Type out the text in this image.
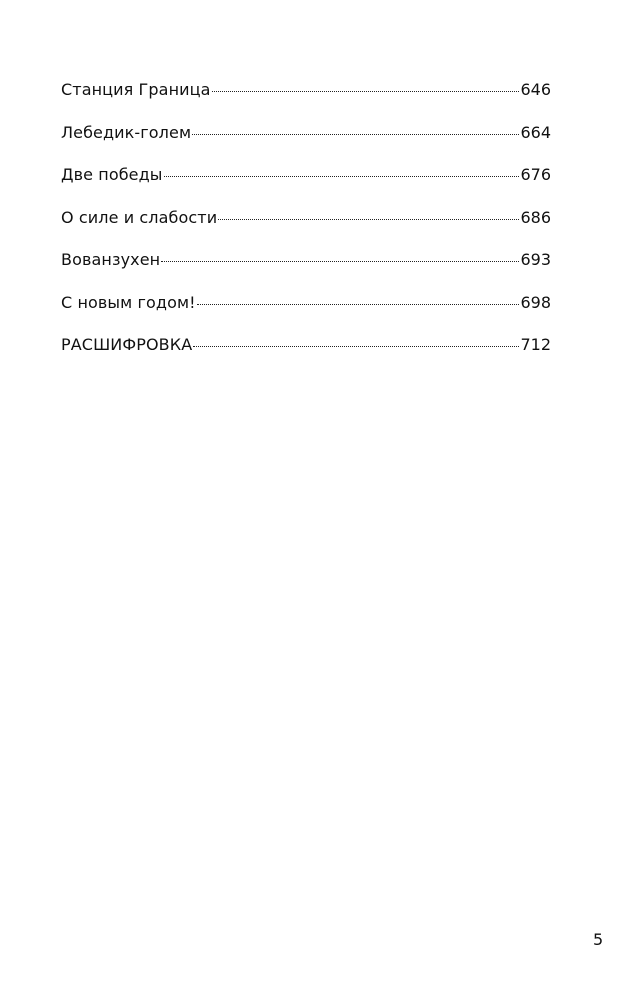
Станция Граница	646
Лебедик-голем	664
Две победы	676
О силе и слабости	686
Вованзухен	693
С новым годом!	698
РАСШИФРОВКА	712
5
